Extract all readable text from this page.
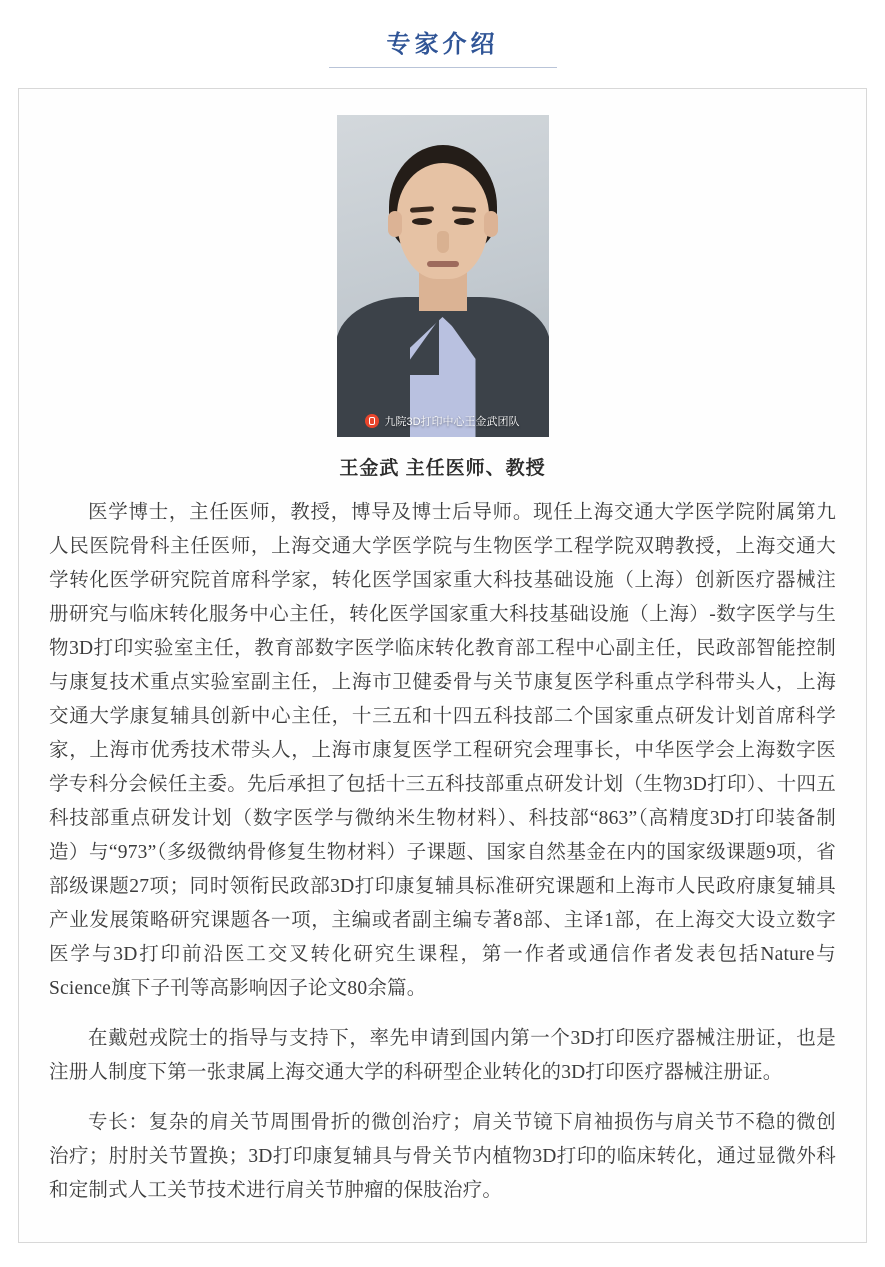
专家介绍
九院3D打印中心王金武团队
王金武 主任医师、教授

医学博士，主任医师，教授，博导及博士后导师。现任上海交通大学医学院附属第九人民医院骨科主任医师，上海交通大学医学院与生物医学工程学院双聘教授，上海交通大学转化医学研究院首席科学家，转化医学国家重大科技基础设施（上海）创新医疗器械注册研究与临床转化服务中心主任，转化医学国家重大科技基础设施（上海）-数字医学与生物3D打印实验室主任，教育部数字医学临床转化教育部工程中心副主任，民政部智能控制与康复技术重点实验室副主任，上海市卫健委骨与关节康复医学科重点学科带头人，上海交通大学康复辅具创新中心主任，十三五和十四五科技部二个国家重点研发计划首席科学家，上海市优秀技术带头人，上海市康复医学工程研究会理事长，中华医学会上海数字医学专科分会候任主委。先后承担了包括十三五科技部重点研发计划（生物3D打印）、十四五科技部重点研发计划（数字医学与微纳米生物材料）、科技部“863”（高精度3D打印装备制造）与“973”（多级微纳骨修复生物材料）子课题、国家自然基金在内的国家级课题9项，省部级课题27项；同时领衔民政部3D打印康复辅具标准研究课题和上海市人民政府康复辅具产业发展策略研究课题各一项，主编或者副主编专著8部、主译1部，在上海交大设立数字医学与3D打印前沿医工交叉转化研究生课程，第一作者或通信作者发表包括Nature与Science旗下子刊等高影响因子论文80余篇。

在戴尅戎院士的指导与支持下，率先申请到国内第一个3D打印医疗器械注册证，也是注册人制度下第一张隶属上海交通大学的科研型企业转化的3D打印医疗器械注册证。

专长：复杂的肩关节周围骨折的微创治疗；肩关节镜下肩袖损伤与肩关节不稳的微创治疗；肘肘关节置换；3D打印康复辅具与骨关节内植物3D打印的临床转化，通过显微外科和定制式人工关节技术进行肩关节肿瘤的保肢治疗。
